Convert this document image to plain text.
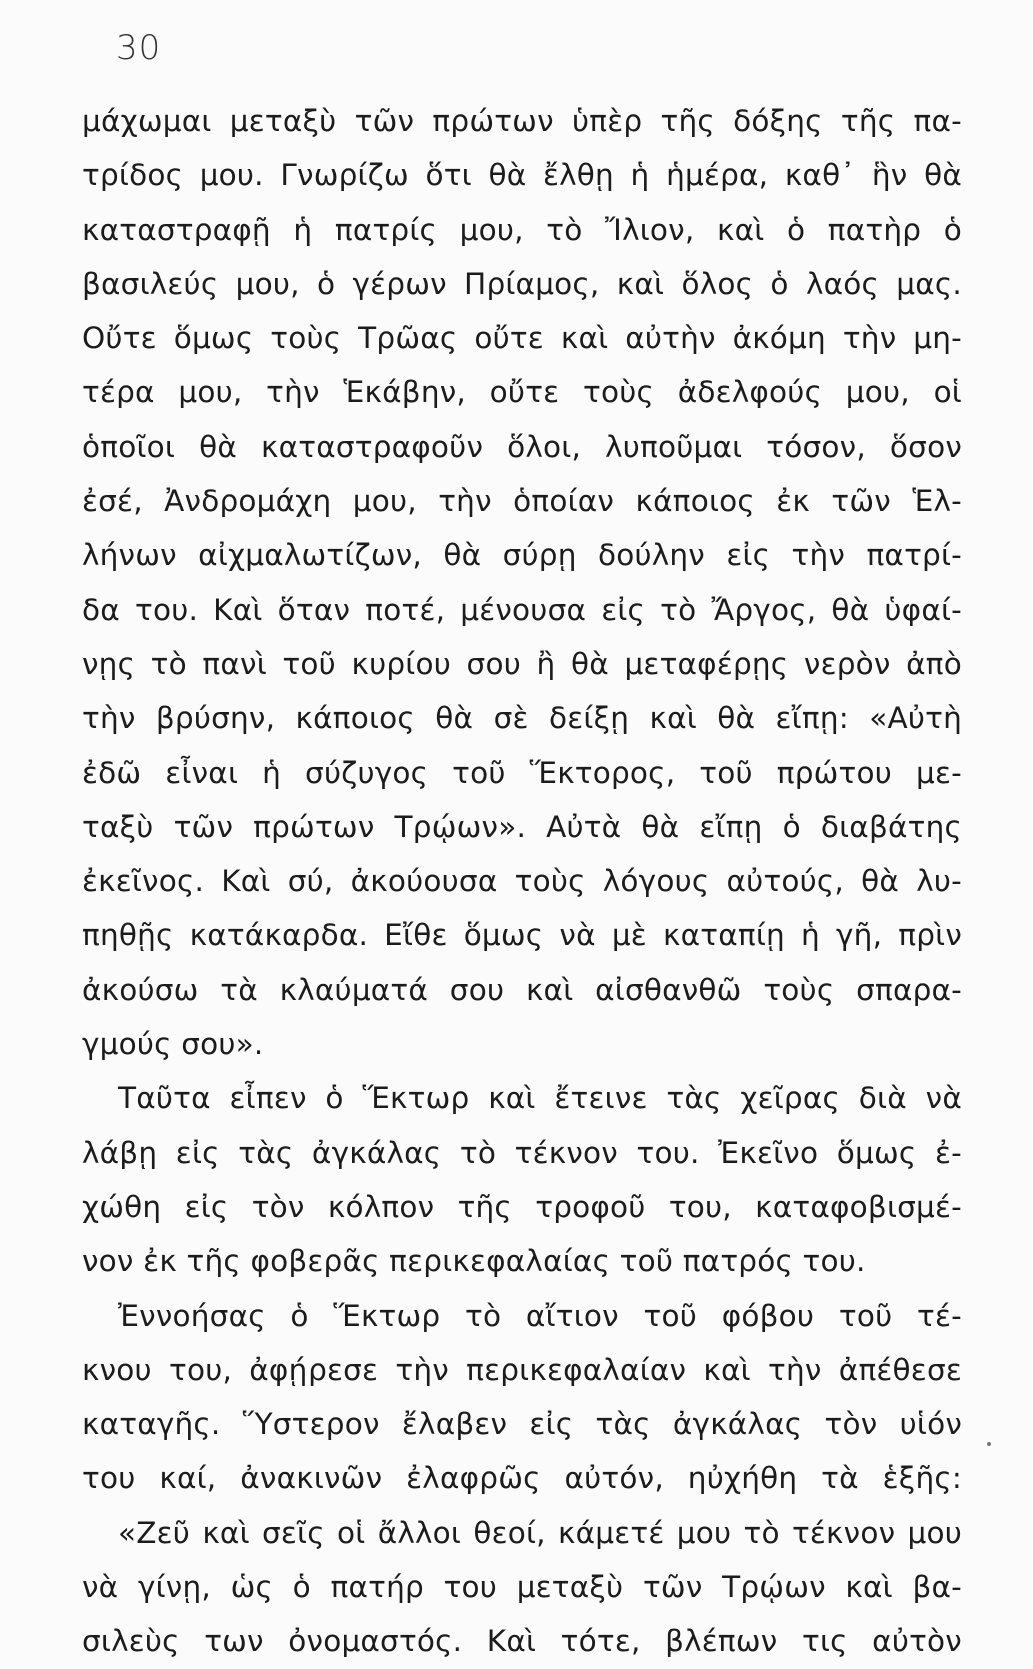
30
μάχωμαι μεταξὺ τῶν πρώτων ὑπὲρ τῆς δόξης τῆς πα-
τρίδος μου. Γνωρίζω ὅτι θὰ ἔλθῃ ἡ ἡμέρα, καθ᾿ ἣν θὰ
καταστραφῇ ἡ πατρίς μου, τὸ Ἴλιον, καὶ ὁ πατὴρ ὁ
βασιλεύς μου, ὁ γέρων Πρίαμος, καὶ ὅλος ὁ λαός μας.
Οὔτε ὅμως τοὺς Τρῶας οὔτε καὶ αὐτὴν ἀκόμη τὴν μη-
τέρα μου, τὴν Ἑκάβην, οὔτε τοὺς ἀδελφούς μου, οἱ
ὁποῖοι θὰ καταστραφοῦν ὅλοι, λυποῦμαι τόσον, ὅσον
ἐσέ, Ἀνδρομάχη μου, τὴν ὁποίαν κάποιος ἐκ τῶν Ἑλ-
λήνων αἰχμαλωτίζων, θὰ σύρῃ δούλην εἰς τὴν πατρί-
δα του. Καὶ ὅταν ποτέ, μένουσα εἰς τὸ Ἄργος, θὰ ὑφαί-
νῃς τὸ πανὶ τοῦ κυρίου σου ἢ θὰ μεταφέρῃς νερὸν ἀπὸ
τὴν βρύσην, κάποιος θὰ σὲ δείξῃ καὶ θὰ εἴπῃ: «Αὐτὴ
ἐδῶ εἶναι ἡ σύζυγος τοῦ Ἕκτορος, τοῦ πρώτου με-
ταξὺ τῶν πρώτων Τρῴων». Αὐτὰ θὰ εἴπῃ ὁ διαβάτης
ἐκεῖνος. Καὶ σύ, ἀκούουσα τοὺς λόγους αὐτούς, θὰ λυ-
πηθῇς κατάκαρδα. Εἴθε ὅμως νὰ μὲ καταπίῃ ἡ γῆ, πρὶν
ἀκούσω τὰ κλαύματά σου καὶ αἰσθανθῶ τοὺς σπαρα-
γμούς σου».
Ταῦτα εἶπεν ὁ Ἕκτωρ καὶ ἔτεινε τὰς χεῖρας διὰ νὰ
λάβῃ εἰς τὰς ἀγκάλας τὸ τέκνον του. Ἐκεῖνο ὅμως ἐ-
χώθη εἰς τὸν κόλπον τῆς τροφοῦ του, καταφοβισμέ-
νον ἐκ τῆς φοβερᾶς περικεφαλαίας τοῦ πατρός του.
Ἐννοήσας ὁ Ἕκτωρ τὸ αἴτιον τοῦ φόβου τοῦ τέ-
κνου του, ἀφῄρεσε τὴν περικεφαλαίαν καὶ τὴν ἀπέθεσε
καταγῆς. Ὕστερον ἔλαβεν εἰς τὰς ἀγκάλας τὸν υἱόν
του καί, ἀνακινῶν ἐλαφρῶς αὐτόν, ηὐχήθη τὰ ἑξῆς:
«Ζεῦ καὶ σεῖς οἱ ἄλλοι θεοί, κάμετέ μου τὸ τέκνον μου
νὰ γίνῃ, ὡς ὁ πατήρ του μεταξὺ τῶν Τρῴων καὶ βα-
σιλεὺς των ὀνομαστός. Καὶ τότε, βλέπων τις αὐτὸν
